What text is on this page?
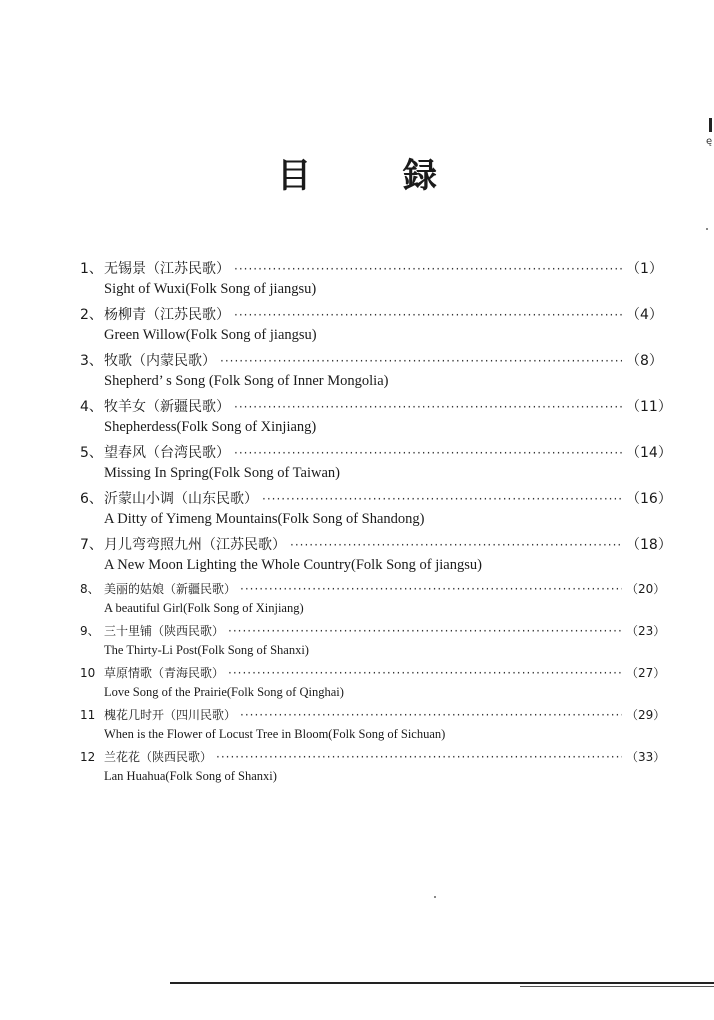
目 録
1、 无锡景（江苏民歌） ·····	（1）
Sight of Wuxi(Folk Song of jiangsu)
2、 杨柳青（江苏民歌） ·····	（4）
Green Willow(Folk Song of jiangsu)
3、 牧歌（内蒙民歌） ·····	（8）
Shepherd’ s Song (Folk Song of Inner Mongolia)
4、 牧羊女（新疆民歌） ·····	（11）
Shepherdess(Folk Song of Xinjiang)
5、 望春风（台湾民歌） ·····	（14）
Missing In Spring(Folk Song of Taiwan)
6、 沂蒙山小调（山东民歌） ·····	（16）
A Ditty of Yimeng Mountains(Folk Song of Shandong)
7、 月儿弯弯照九州（江苏民歌） ·····	（18）
A New Moon Lighting the Whole Country(Folk Song of jiangsu)
8、 美丽的姑娘（新疆民歌） ·····	（20）
A beautiful Girl(Folk Song of Xinjiang)
9、 三十里铺（陕西民歌） ·····	（23）
The Thirty-Li Post(Folk Song of Shanxi)
10 草原情歌（青海民歌） ·····	（27）
Love Song of the Prairie(Folk Song of Qinghai)
11 槐花几时开（四川民歌） ·····	（29）
When is the Flower of Locust Tree in Bloom(Folk Song of Sichuan)
12 兰花花（陕西民歌） ·····	（33）
Lan Huahua(Folk Song of Shanxi)
ę
